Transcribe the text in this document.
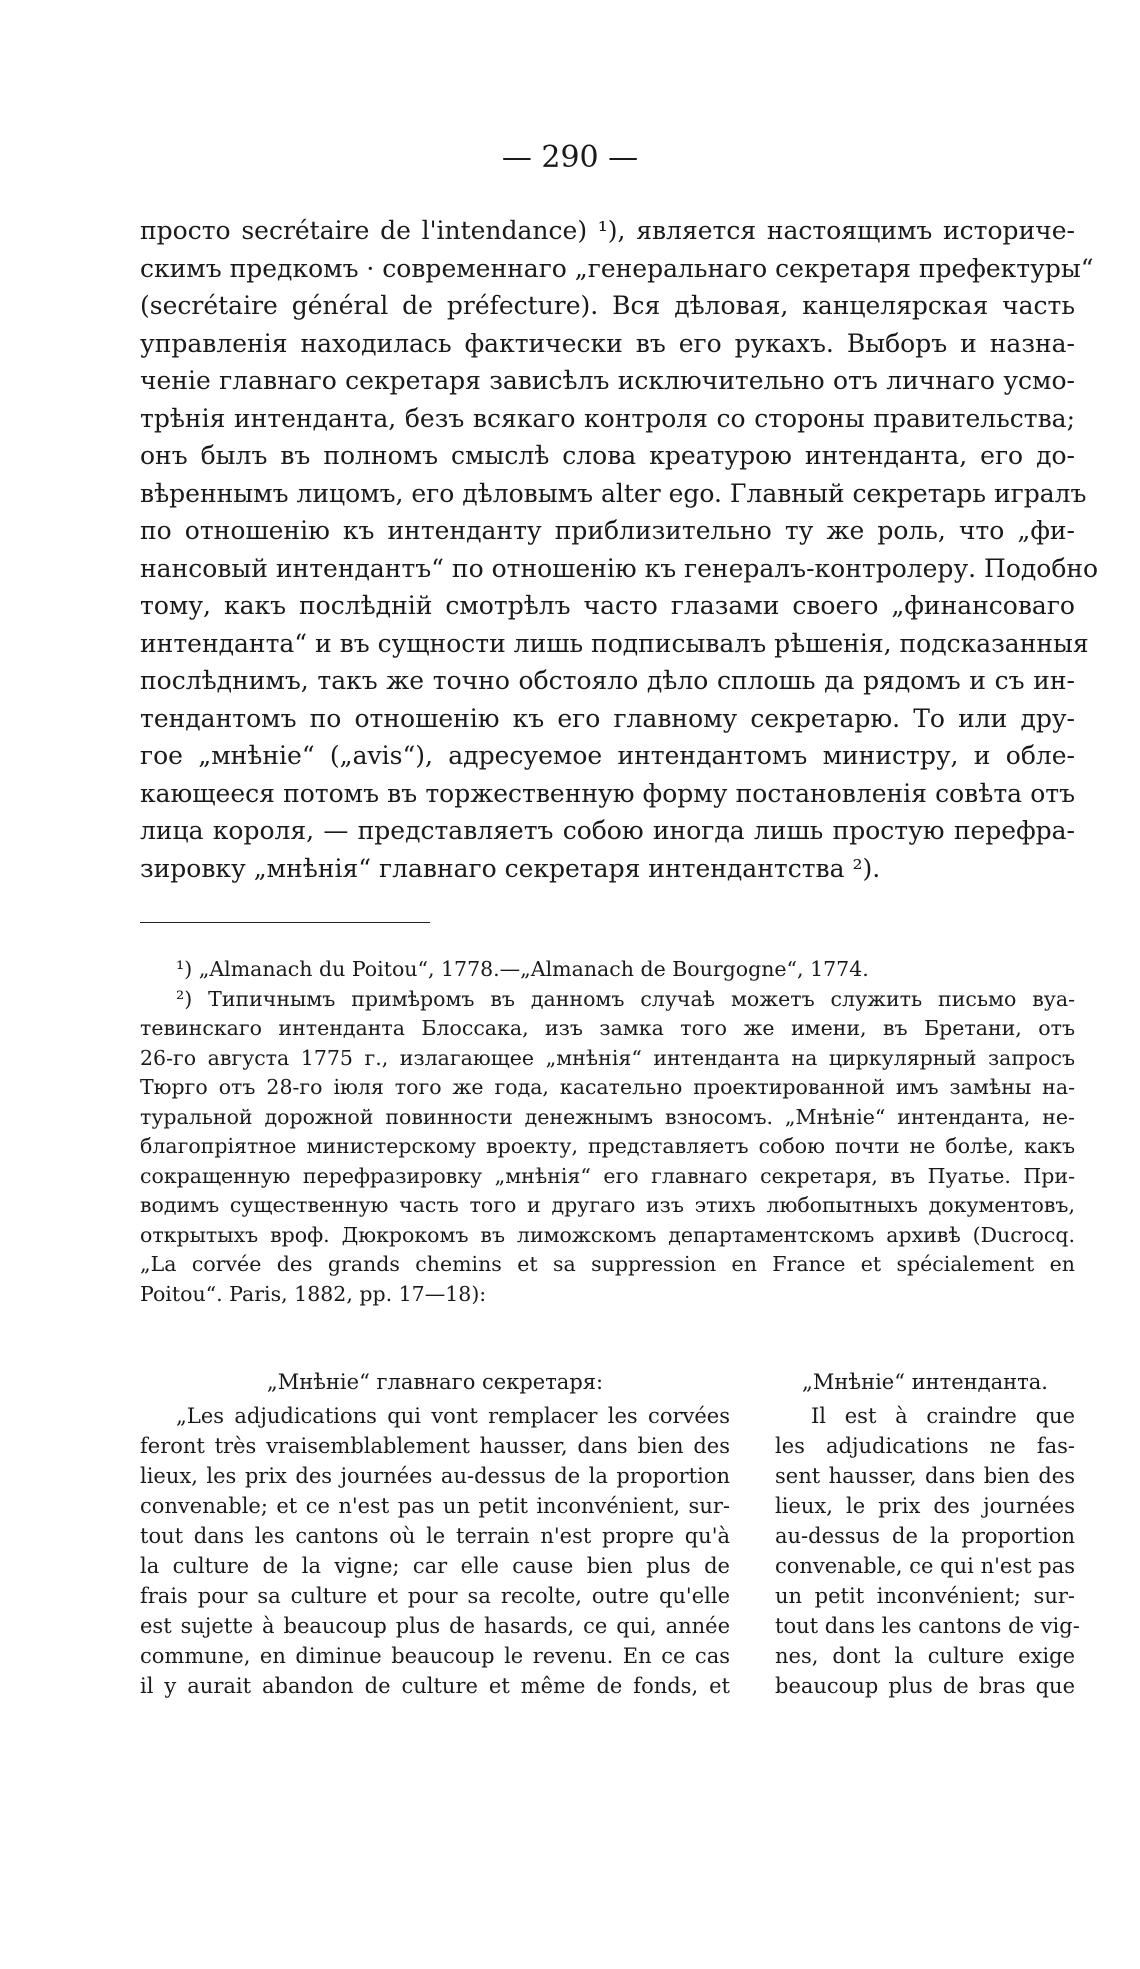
— 290 —
просто secrétaire de l'intendance) ¹), является настоящимъ историче-
скимъ предкомъ · современнаго „генеральнаго секретаря префектуры“
(secrétaire général de préfecture). Вся дѣловая, канцелярская часть
управленія находилась фактически въ его рукахъ. Выборъ и назна-
ченіе главнаго секретаря зависѣлъ исключительно отъ личнаго усмо-
трѣнія интенданта, безъ всякаго контроля со стороны правительства;
онъ былъ въ полномъ смыслѣ слова креатурою интенданта, его до-
вѣреннымъ лицомъ, его дѣловымъ alter ego. Главный секретарь игралъ
по отношенію къ интенданту приблизительно ту же роль, что „фи-
нансовый интендантъ“ по отношенію къ генералъ-контролеру. Подобно
тому, какъ послѣдній смотрѣлъ часто глазами своего „финансоваго
интенданта“ и въ сущности лишь подписывалъ рѣшенія, подсказанныя
послѣднимъ, такъ же точно обстояло дѣло сплошь да рядомъ и съ ин-
тендантомъ по отношенію къ его главному секретарю. То или дру-
гое „мнѣніе“ („avis“), адресуемое интендантомъ министру, и обле-
кающееся потомъ въ торжественную форму постановленія совѣта отъ
лица короля, — представляетъ собою иногда лишь простую перефра-
зировку „мнѣнія“ главнаго секретаря интендантства ²).
¹) „Almanach du Poitou“, 1778.—„Almanach de Bourgogne“, 1774.
²) Типичнымъ примѣромъ въ данномъ случаѣ можетъ служить письмо вуа-
тевинскаго интенданта Блоссака, изъ замка того же имени, въ Бретани, отъ
26-го августа 1775 г., излагающее „мнѣнія“ интенданта на циркулярный запросъ
Тюрго отъ 28-го іюля того же года, касательно проектированной имъ замѣны на-
туральной дорожной повинности денежнымъ взносомъ. „Мнѣніе“ интенданта, не-
благопріятное министерскому вроекту, представляетъ собою почти не болѣе, какъ
сокращенную перефразировку „мнѣнія“ его главнаго секретаря, въ Пуатье. При-
водимъ существенную часть того и другаго изъ этихъ любопытныхъ документовъ,
открытыхъ вроф. Дюкрокомъ въ лиможскомъ департаментскомъ архивѣ (Ducrocq.
„La corvée des grands chemins et sa suppression en France et spécialement en
Poitou“. Paris, 1882, pp. 17—18):
„Мнѣніе“ главнаго секретаря:
„Les adjudications qui vont remplacer les corvées
feront très vraisemblablement hausser, dans bien des
lieux, les prix des journées au-dessus de la proportion
convenable; et ce n'est pas un petit inconvénient, sur-
tout dans les cantons où le terrain n'est propre qu'à
la culture de la vigne; car elle cause bien plus de
frais pour sa culture et pour sa recolte, outre qu'elle
est sujette à beaucoup plus de hasards, ce qui, année
commune, en diminue beaucoup le revenu. En ce cas
il y aurait abandon de culture et même de fonds, et
„Мнѣніе“ интенданта.
Il est à craindre que
les adjudications ne fas-
sent hausser, dans bien des
lieux, le prix des journées
au-dessus de la proportion
convenable, ce qui n'est pas
un petit inconvénient; sur-
tout dans les cantons de vig-
nes, dont la culture exige
beaucoup plus de bras que
